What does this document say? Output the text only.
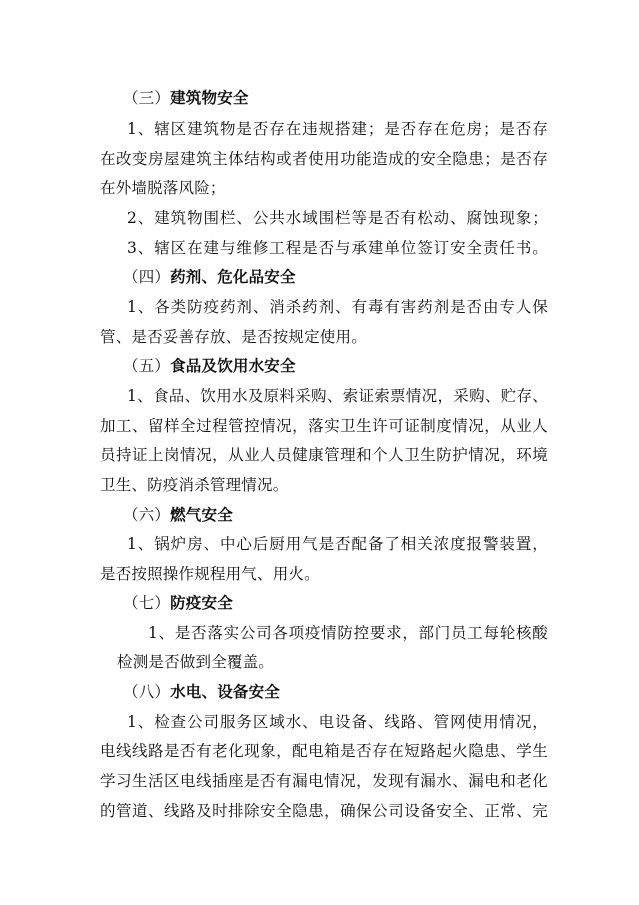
（三）建筑物安全
1、辖区建筑物是否存在违规搭建；是否存在危房；是否存
在改变房屋建筑主体结构或者使用功能造成的安全隐患；是否存
在外墙脱落风险；
2、建筑物围栏、公共水域围栏等是否有松动、腐蚀现象；
3、辖区在建与维修工程是否与承建单位签订安全责任书。
（四）药剂、危化品安全
1、各类防疫药剂、消杀药剂、有毒有害药剂是否由专人保
管、是否妥善存放、是否按规定使用。
（五）食品及饮用水安全
1、食品、饮用水及原料采购、索证索票情况，采购、贮存、
加工、留样全过程管控情况，落实卫生许可证制度情况，从业人
员持证上岗情况，从业人员健康管理和个人卫生防护情况，环境
卫生、防疫消杀管理情况。
（六）燃气安全
1、锅炉房、中心后厨用气是否配备了相关浓度报警装置，
是否按照操作规程用气、用火。
（七）防疫安全
1、是否落实公司各项疫情防控要求，部门员工每轮核酸
检测是否做到全覆盖。
（八）水电、设备安全
1、检查公司服务区域水、电设备、线路、管网使用情况，
电线线路是否有老化现象，配电箱是否存在短路起火隐患、学生
学习生活区电线插座是否有漏电情况，发现有漏水、漏电和老化
的管道、线路及时排除安全隐患，确保公司设备安全、正常、完
